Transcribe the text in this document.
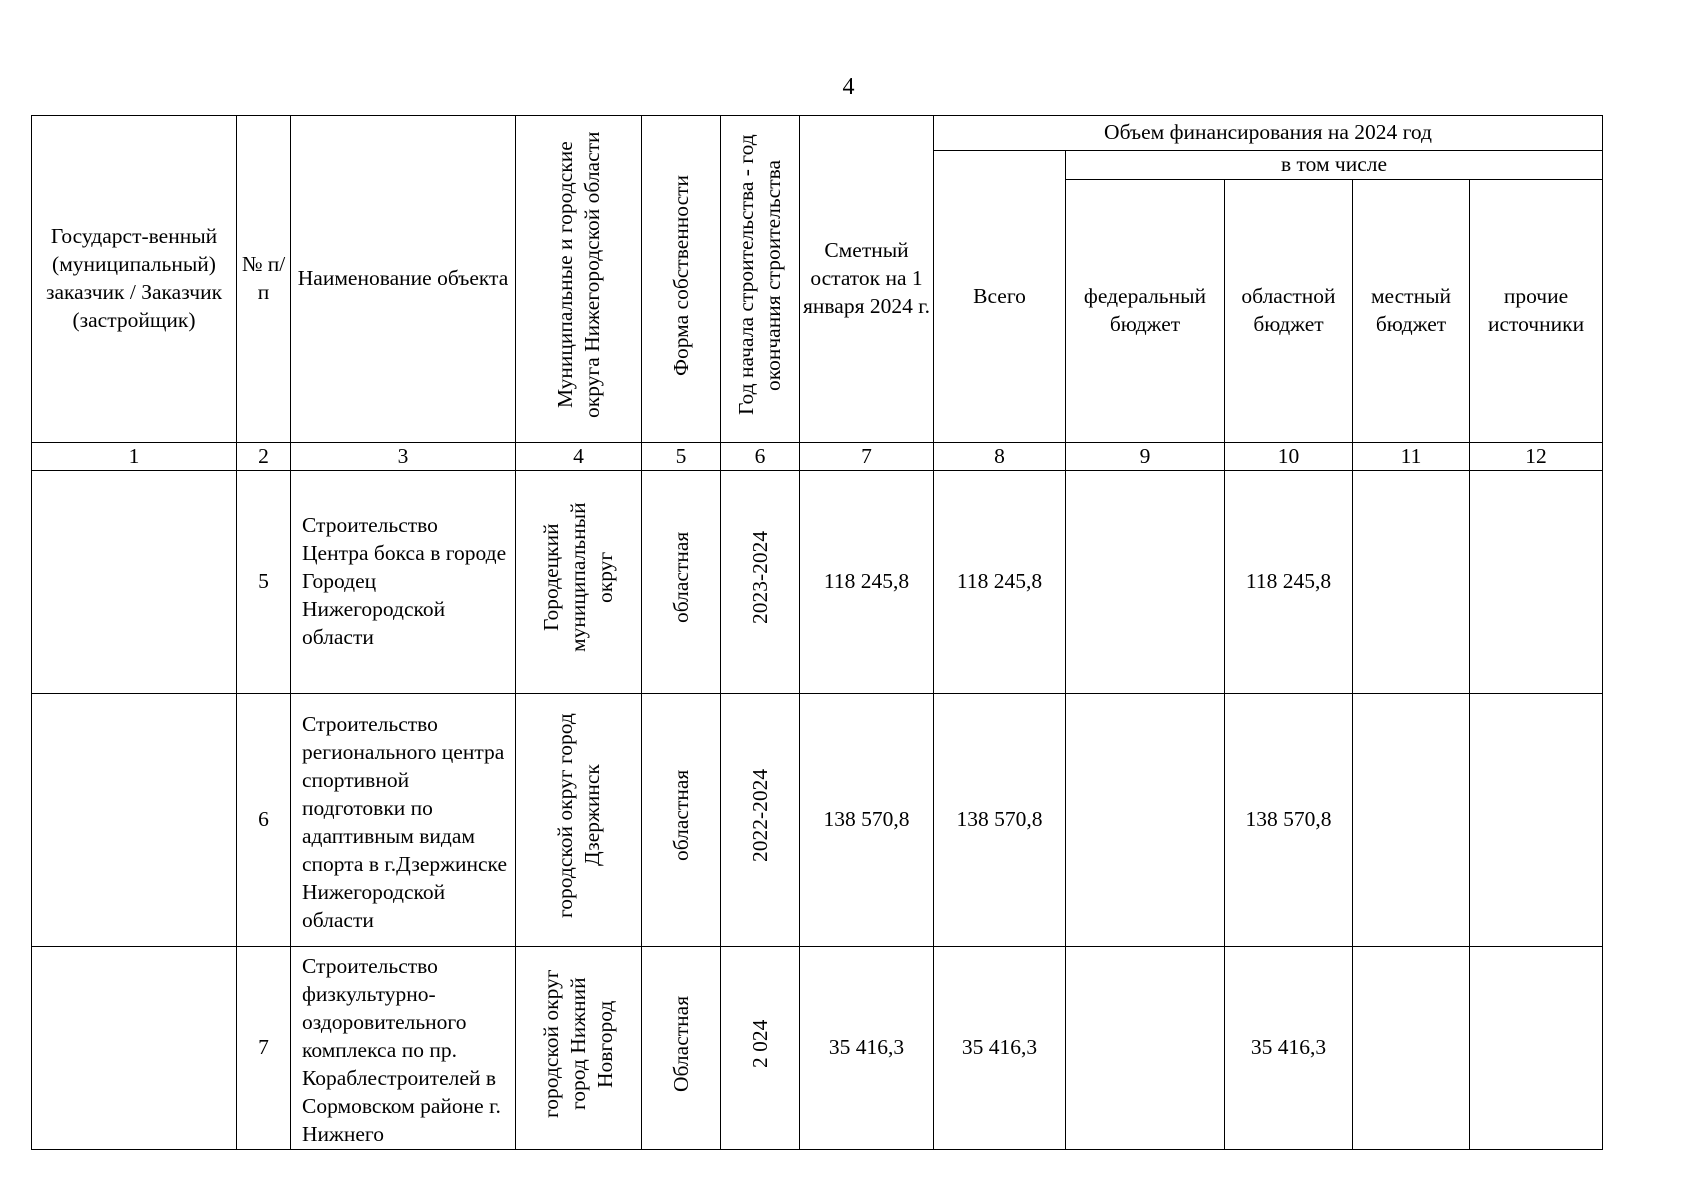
4
Государст-венный (муниципальный) заказчик / Заказчик (застройщик)	№ п/ п	Наименование объекта	Муниципальные и городские округа Нижегородской области	Форма собственности	Год начала строительства - год окончания строительства	Сметный остаток на 1 января 2024 г.	Объем финансирования на 2024 год				
							Всего	в том числе			
								федеральный бюджет	областной бюджет	местный бюджет	прочие источники
1	2	3	4	5	6	7	8	9	10	11	12
	5	Строительство Центра бокса в городе Городец Нижегородской области	Городецкий муниципальный округ	областная	2023-2024	118 245,8	118 245,8		118 245,8		
	6	Строительство регионального центра спортивной подготовки по адаптивным видам спорта в г.Дзержинске Нижегородской области	городской округ город Дзержинск	областная	2022-2024	138 570,8	138 570,8		138 570,8		
	7	Строительство физкультурно-оздоровительного комплекса по пр. Кораблестроителей в Сормовском районе г. Нижнего	городской округ город Нижний Новгород	Областная	2 024	35 416,3	35 416,3		35 416,3		
